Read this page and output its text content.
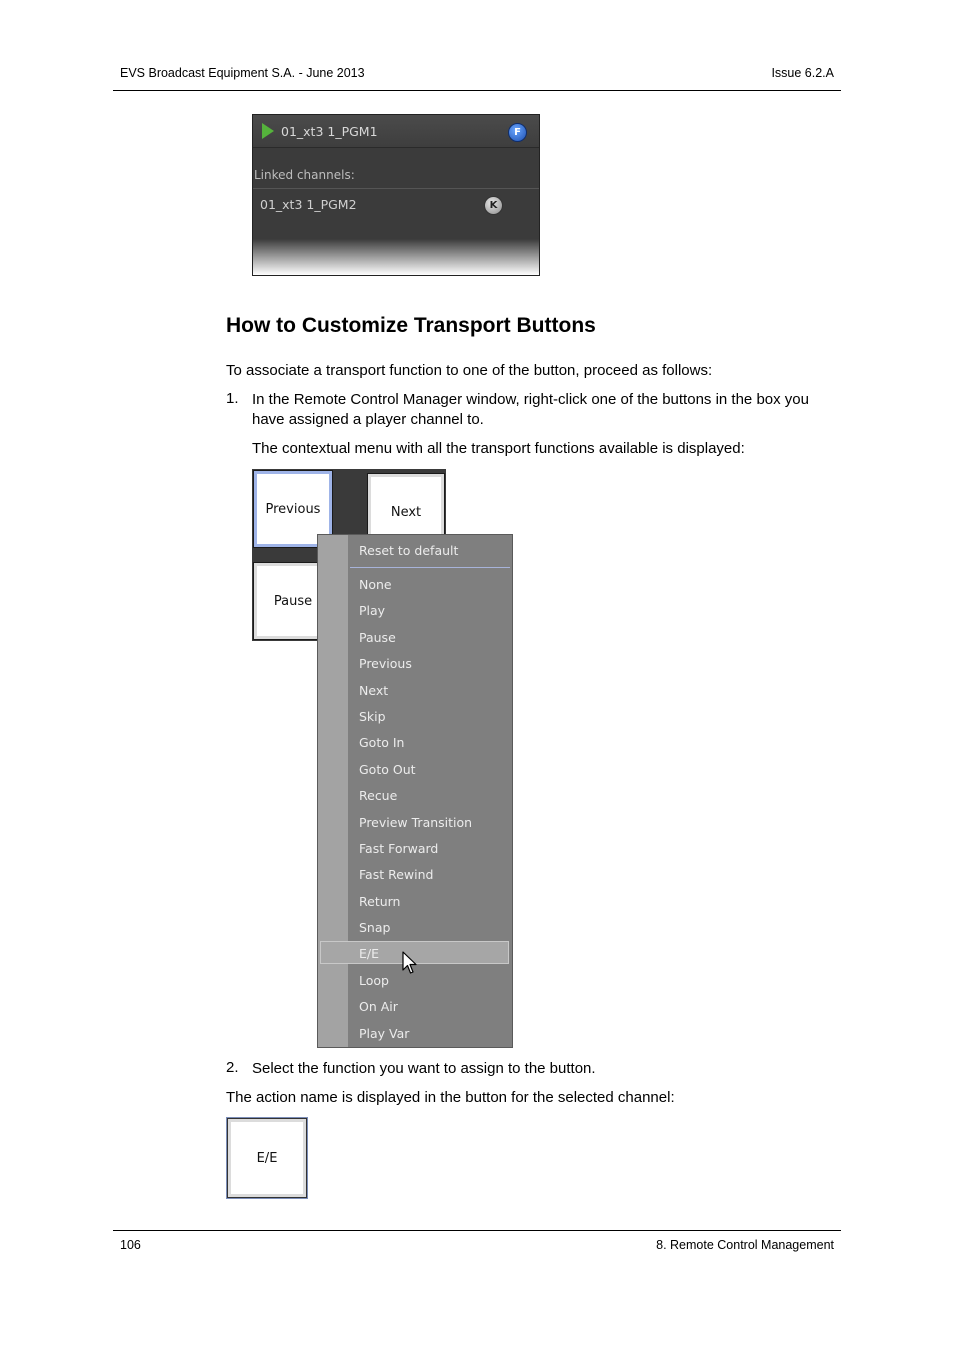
EVS Broadcast Equipment S.A. - June 2013	Issue 6.2.A
01_xt3 1_PGM1	F
Linked channels:
01_xt3 1_PGM2	K
How to Customize Transport Buttons
To associate a transport function to one of the button, proceed as follows:
1. In the Remote Control Manager window, right-click one of the buttons in the box you have assigned a player channel to.
The contextual menu with all the transport functions available is displayed:
Previous	Next
Pause
Reset to default
None
Play
Pause
Previous
Next
Skip
Goto In
Goto Out
Recue
Preview Transition
Fast Forward
Fast Rewind
Return
Snap
E/E
Loop
On Air
Play Var
2. Select the function you want to assign to the button.
The action name is displayed in the button for the selected channel:
E/E
106	8. Remote Control Management
